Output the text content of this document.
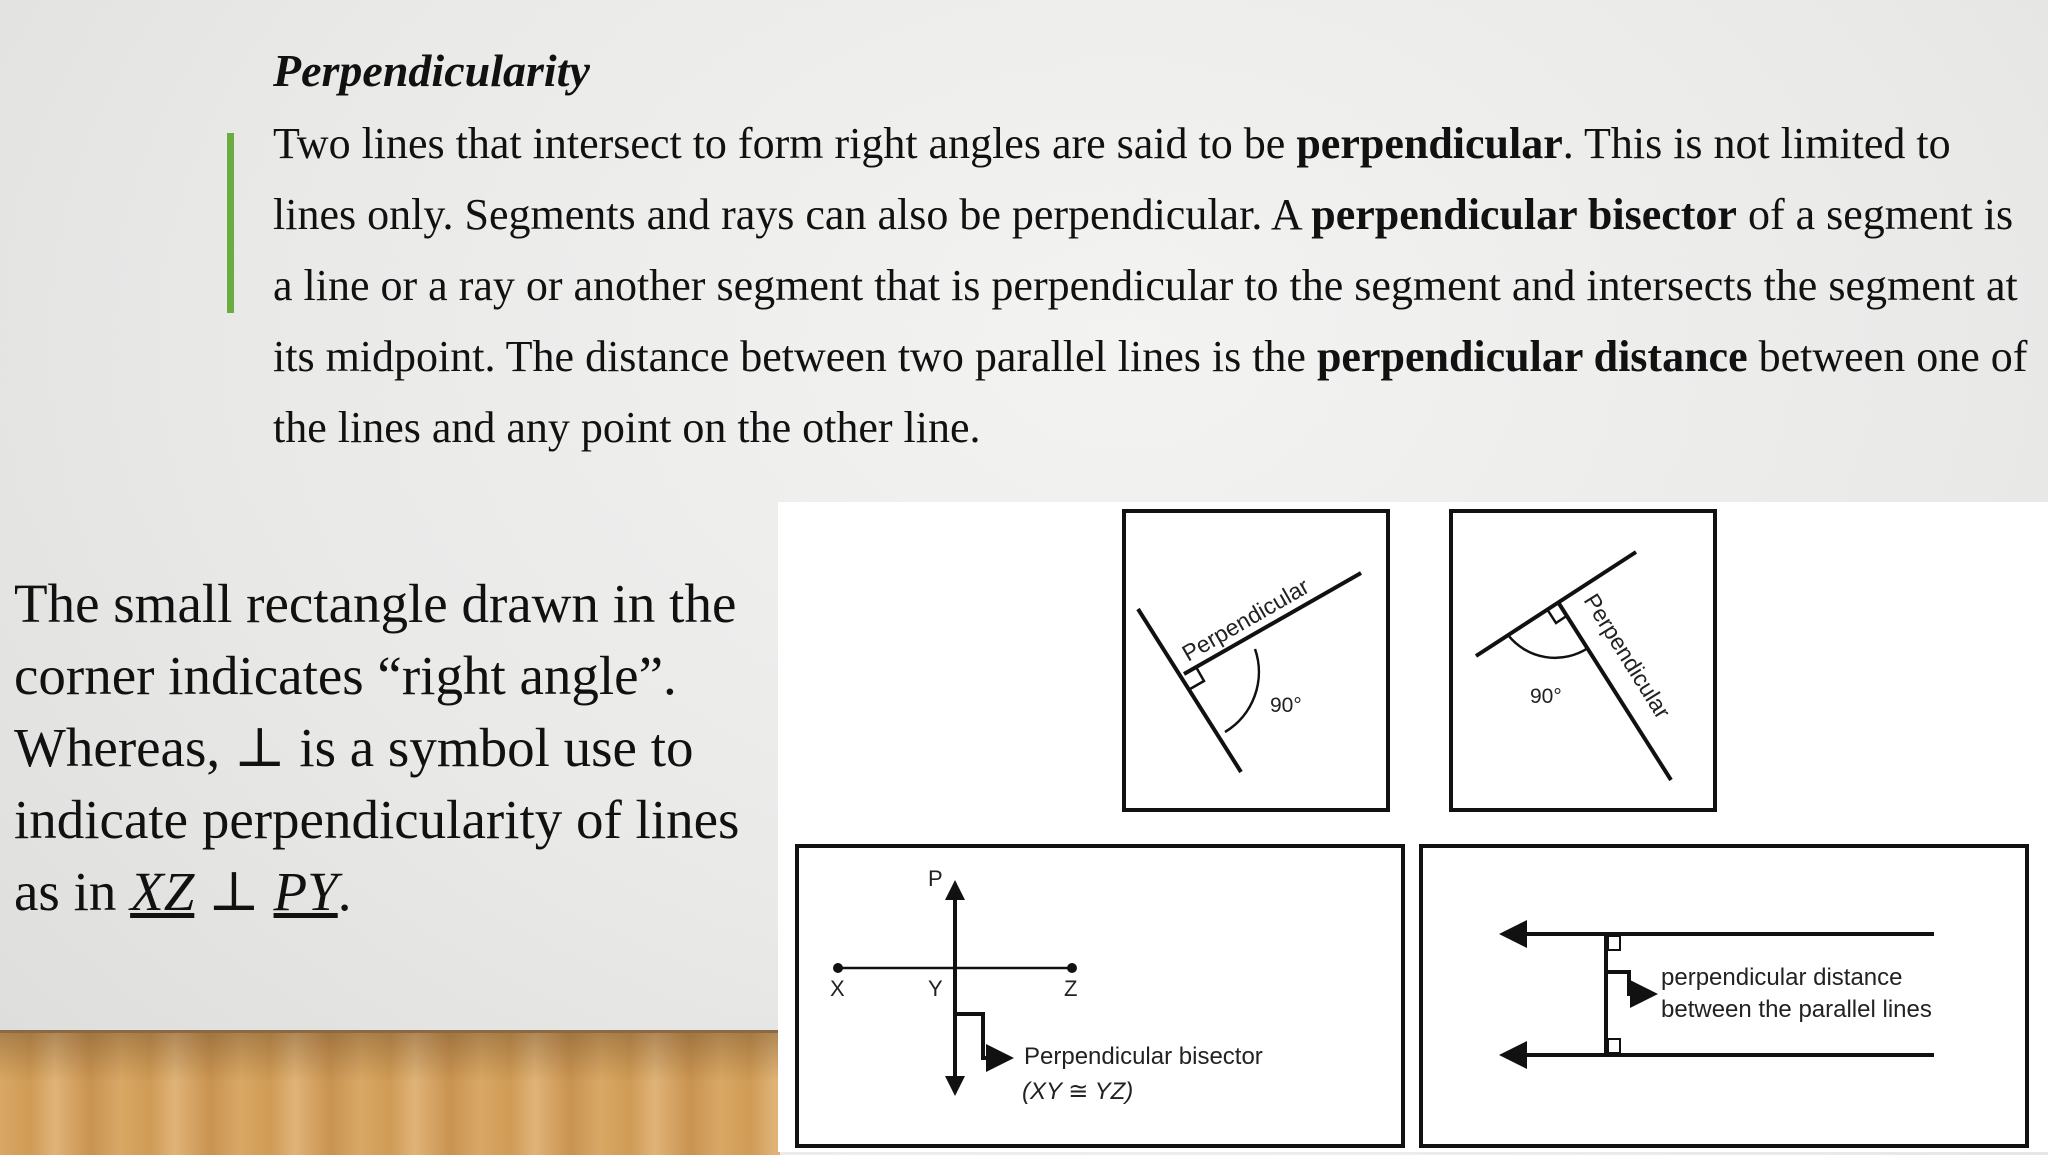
Perpendicularity

Two lines that intersect to form right angles are said to be perpendicular. This is not limited to lines only. Segments and rays can also be perpendicular. A perpendicular bisector of a segment is a line or a ray or another segment that is perpendicular to the segment and intersects the segment at its midpoint. The distance between two parallel lines is the perpendicular distance between one of the lines and any point on the other line.

The small rectangle drawn in the corner indicates “right angle”. Whereas, ⊥ is a symbol use to indicate perpendicularity of lines as in XZ ⊥ PY.

Perpendicular
90°	Perpendicular
90°
P
X	Y	Z
Perpendicular bisector
(XY ≅ YZ)
perpendicular distance
between the parallel lines
